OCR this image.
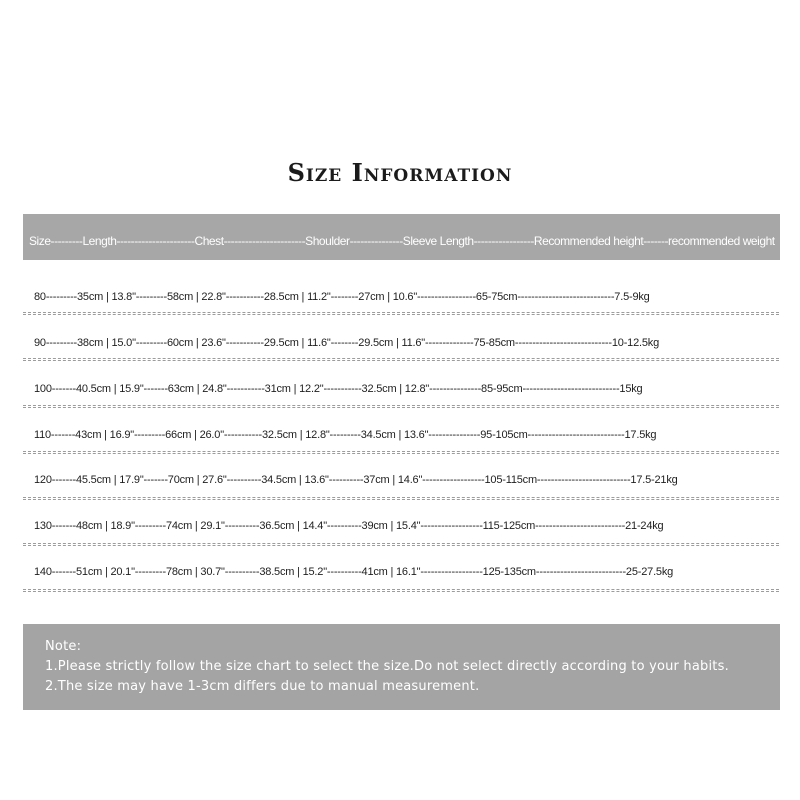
Size Information
Size---------Length----------------------Chest-----------------------Shoulder---------------Sleeve Length-----------------Recommended height-------recommended weight
80---------35cm | 13.8"---------58cm | 22.8"-----------28.5cm | 11.2"--------27cm | 10.6"-----------------65-75cm----------------------------7.5-9kg
90---------38cm | 15.0"---------60cm | 23.6"-----------29.5cm | 11.6"--------29.5cm | 11.6"--------------75-85cm----------------------------10-12.5kg
100-------40.5cm | 15.9"-------63cm | 24.8"-----------31cm | 12.2"-----------32.5cm | 12.8"---------------85-95cm----------------------------15kg
110-------43cm | 16.9"---------66cm | 26.0"-----------32.5cm | 12.8"---------34.5cm | 13.6"---------------95-105cm----------------------------17.5kg
120-------45.5cm | 17.9"-------70cm | 27.6"----------34.5cm | 13.6"----------37cm | 14.6"------------------105-115cm---------------------------17.5-21kg
130-------48cm | 18.9"---------74cm | 29.1"----------36.5cm | 14.4"----------39cm | 15.4"------------------115-125cm--------------------------21-24kg
140-------51cm | 20.1"---------78cm | 30.7"----------38.5cm | 15.2"----------41cm | 16.1"------------------125-135cm--------------------------25-27.5kg
Note:
1.Please strictly follow the size chart to select the size.Do not select directly according to your habits.
2.The size may have 1-3cm differs due to manual measurement.
